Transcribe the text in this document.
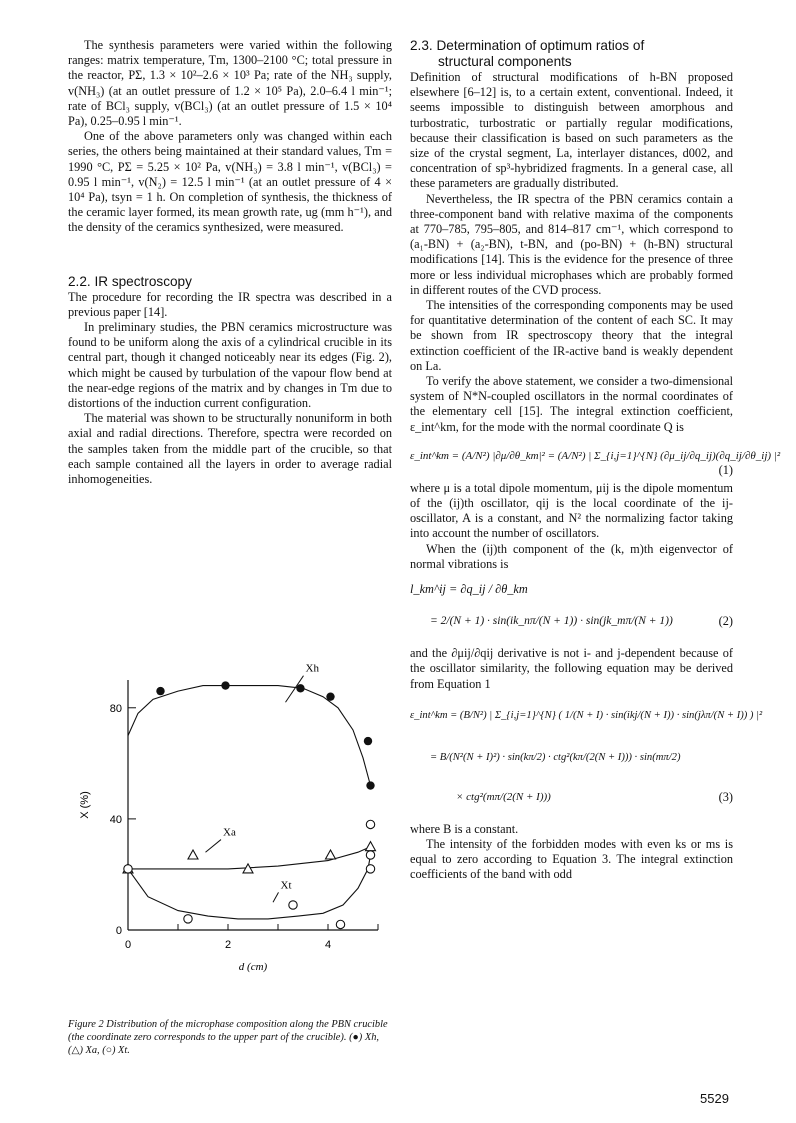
The synthesis parameters were varied within the following ranges: matrix temperature, Tm, 1300–2100 °C; total pressure in the reactor, PΣ, 1.3 × 10²–2.6 × 10³ Pa; rate of the NH₃ supply, v(NH₃) (at an outlet pressure of 1.2 × 10⁵ Pa), 2.0–6.4 l min⁻¹; rate of BCl₃ supply, v(BCl₃) (at an outlet pressure of 1.5 × 10⁴ Pa), 0.25–0.95 l min⁻¹.

One of the above parameters only was changed within each series, the others being maintained at their standard values, Tm = 1990 °C, PΣ = 5.25 × 10² Pa, v(NH₃) = 3.8 l min⁻¹, v(BCl₃) = 0.95 l min⁻¹, v(N₂) = 12.5 l min⁻¹ (at an outlet pressure of 4 × 10⁴ Pa), tsyn = 1 h. On completion of synthesis, the thickness of the ceramic layer formed, its mean growth rate, ug (mm h⁻¹), and the density of the ceramics synthesized, were measured.

2.2. IR spectroscopy

The procedure for recording the IR spectra was described in a previous paper [14].

In preliminary studies, the PBN ceramics microstructure was found to be uniform along the axis of a cylindrical crucible in its central part, though it changed noticeably near its edges (Fig. 2), which might be caused by turbulation of the vapour flow bend at the near-edge regions of the matrix and by changes in Tm due to distortions of the induction current configuration.

The material was shown to be structurally nonuniform in both axial and radial directions. Therefore, spectra were recorded on the samples taken from the middle part of the crucible, so that each sample contained all the layers in order to average radial inhomogeneities.

0
40
80
0	2	4
d (cm)
X (%)
Xh
Xa
Xt
Figure 2 Distribution of the microphase composition along the PBN crucible (the coordinate zero corresponds to the upper part of the crucible). (●) Xh, (△) Xa, (○) Xt.
2.3. Determination of optimum ratios of
structural components

Definition of structural modifications of h-BN proposed elsewhere [6–12] is, to a certain extent, conventional. Indeed, it seems impossible to distinguish between amorphous and turbostratic, turbostratic or partially regular modifications, because their classification is based on such parameters as the size of the crystal segment, La, interlayer distances, d002, and concentration of sp³-hybridized fragments. In a general case, all these parameters are gradually distributed.

Nevertheless, the IR spectra of the PBN ceramics contain a three-component band with relative maxima of the components at 770–785, 795–805, and 814–817 cm⁻¹, which correspond to (a₁-BN) + (a₂-BN), t-BN, and (po-BN) + (h-BN) structural modifications [14]. This is the evidence for the presence of three more or less individual microphases which are probably formed in different routes of the CVD process.

The intensities of the corresponding components may be used for quantitative determination of the content of each SC. It may be shown from IR spectroscopy theory that the integral extinction coefficient of the IR-active band is weakly dependent on La.

To verify the above statement, we consider a two-dimensional system of N*N-coupled oscillators in the normal coordinates of the elementary cell [15]. The integral extinction coefficient, ε_int^km, for the mode with the normal coordinate Q is

ε_int^km = (A/N²) |∂μ/∂θ_km|² = (A/N²) | Σ_{i,j=1}^{N} (∂μ_ij/∂q_ij)(∂q_ij/∂θ_ij) |²
(1)

where μ is a total dipole momentum, μij is the dipole momentum of the (ij)th oscillator, qij is the local coordinate of the ij-oscillator, A is a constant, and N² the normalizing factor taking into account the number of oscillators.

When the (ij)th component of the (k, m)th eigenvector of normal vibrations is

l_km^ij = ∂q_ij / ∂θ_km
= 2/(N + 1) · sin(ik_nπ/(N + 1)) · sin(jk_mπ/(N + 1))	(2)

and the ∂μij/∂qij derivative is not i- and j-dependent because of the oscillator similarity, the following equation may be derived from Equation 1

ε_int^km = (B/N²) | Σ_{i,j=1}^{N} ( 1/(N + I) · sin(ikj/(N + I)) · sin(jλπ/(N + I)) ) |²
= B/(N²(N + I)²) · sin(kπ/2) · ctg²(kπ/(2(N + I))) · sin(mπ/2)
× ctg²(mπ/(2(N + I)))	(3)

where B is a constant.

The intensity of the forbidden modes with even ks or ms is equal to zero according to Equation 3. The integral extinction coefficients of the band with odd

5529
